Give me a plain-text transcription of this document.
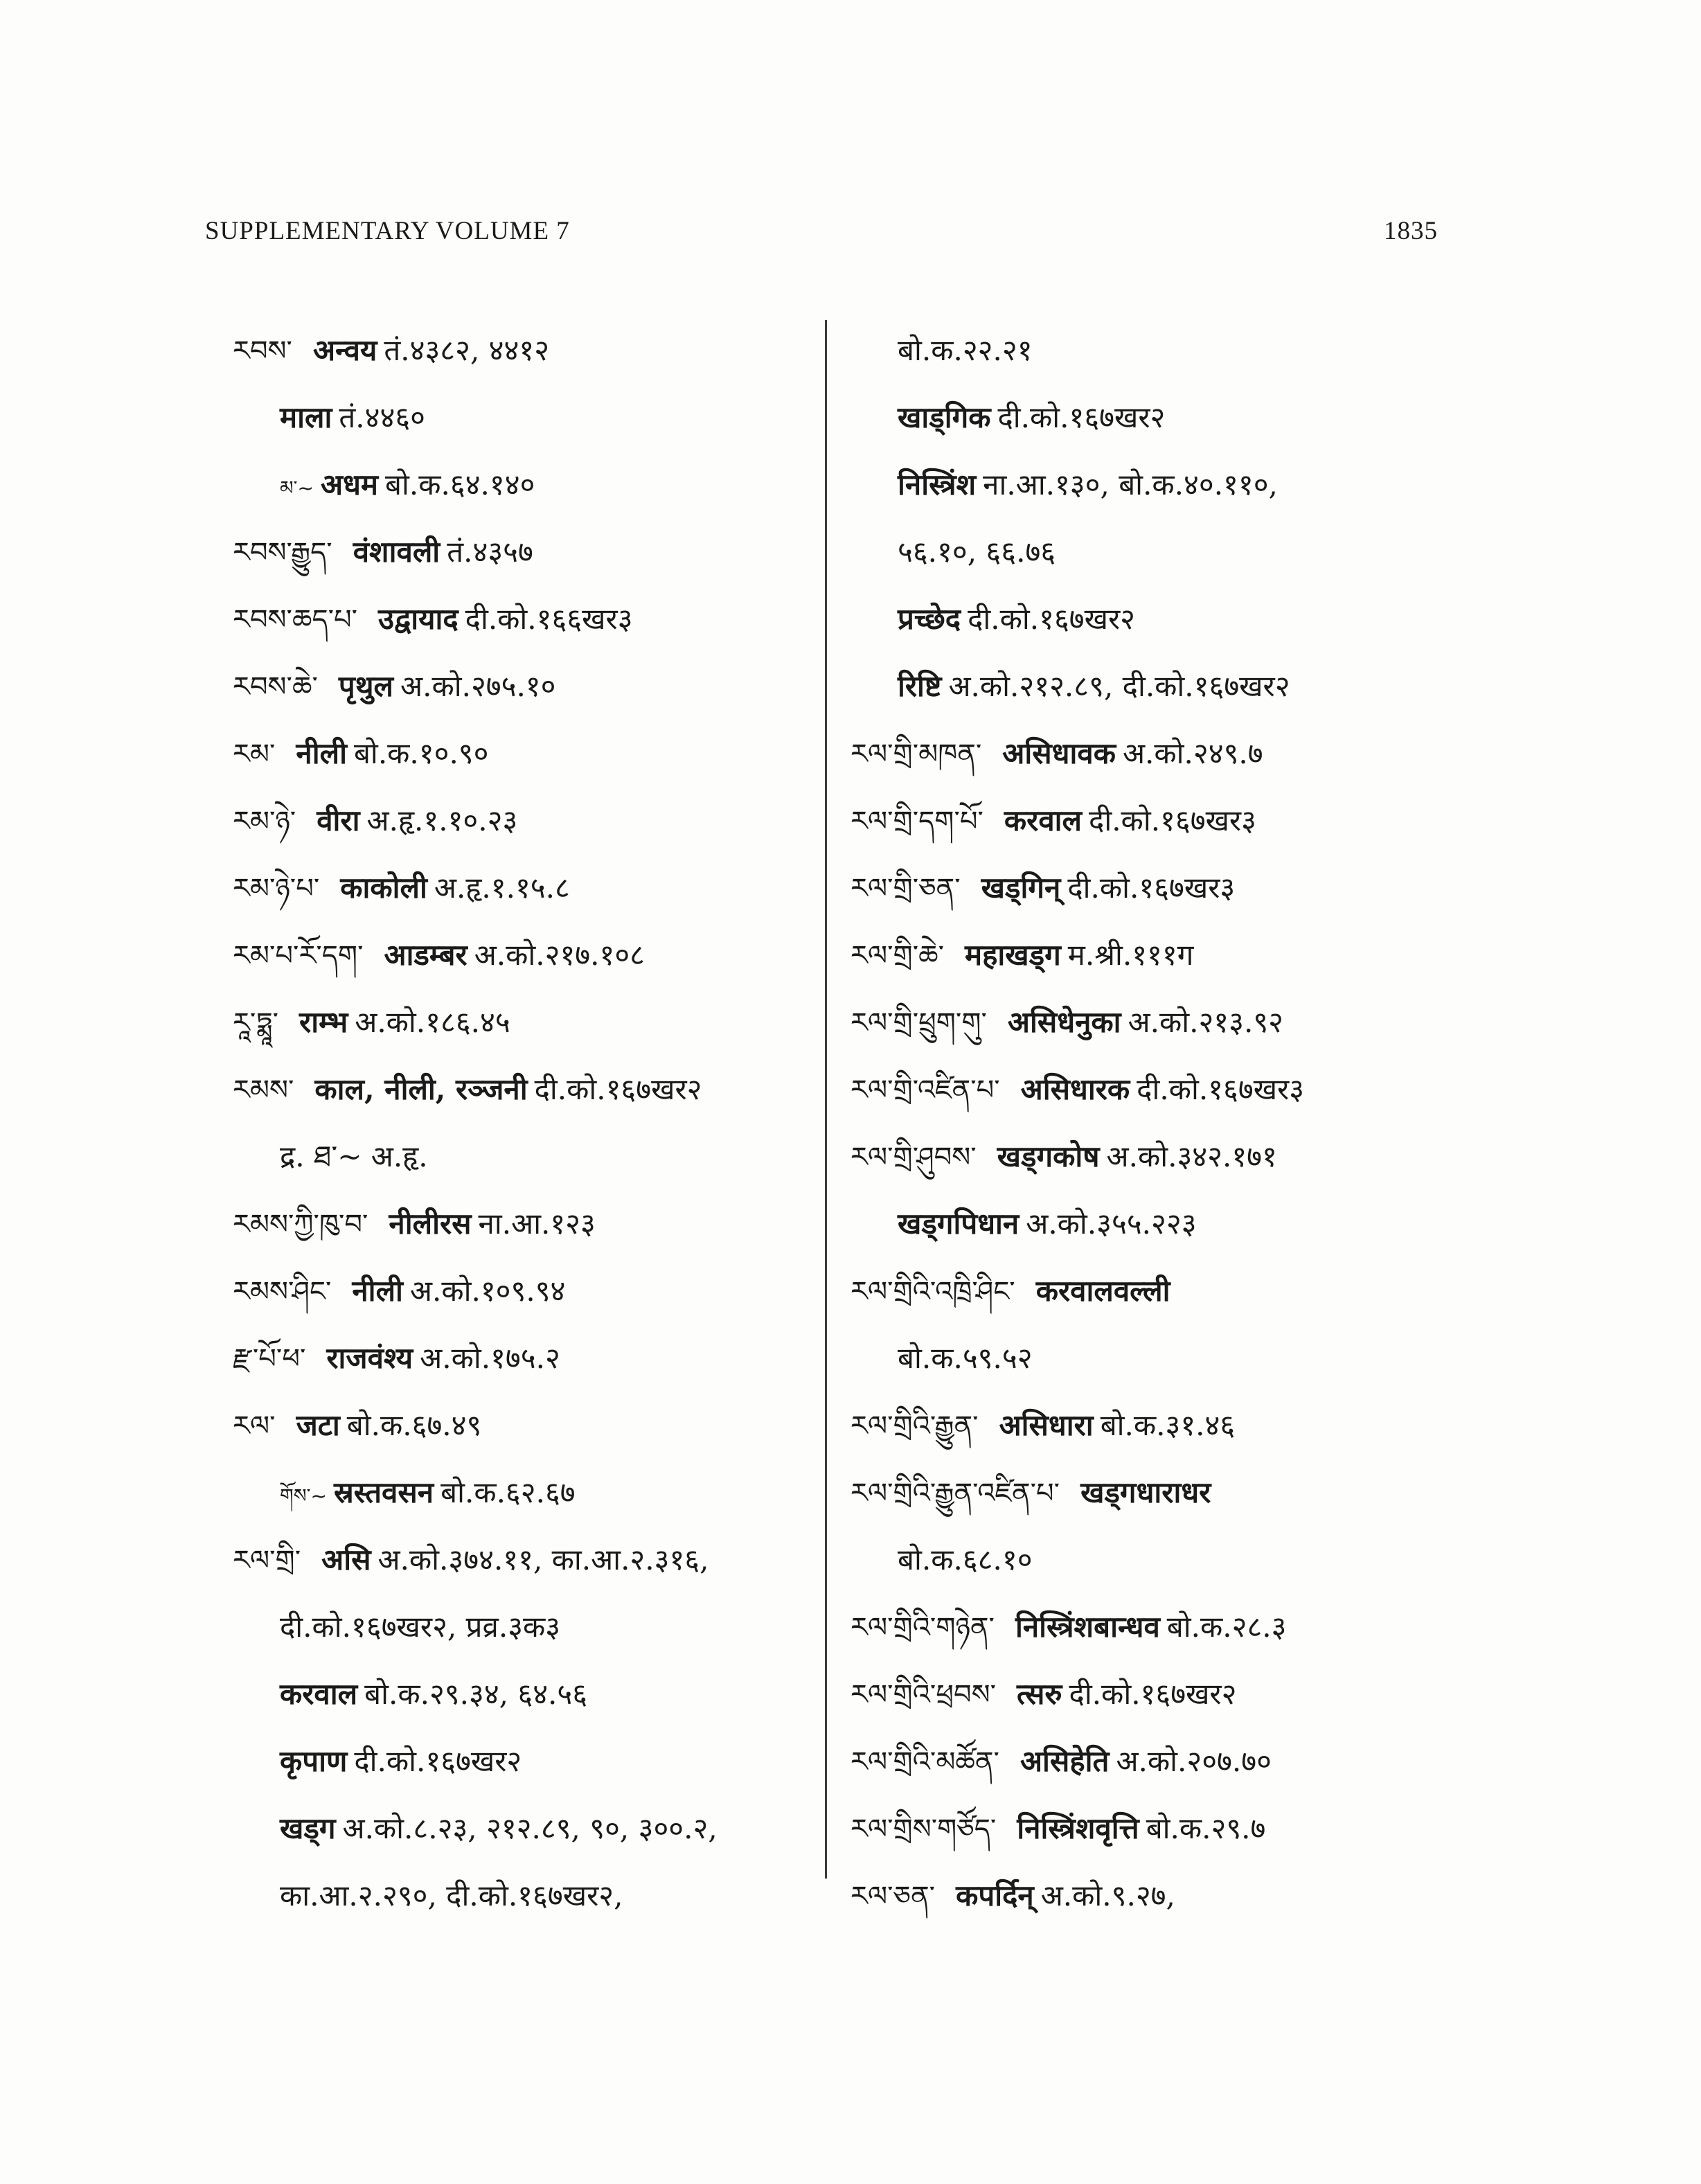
SUPPLEMENTARY VOLUME 7	1835
རབས་ अन्वय तं.४३८२, ४४१२
माला तं.४४६०
མ་~ अधम बो.क.६४.१४०
རབས་རྒྱུད་ वंशावली तं.४३५७
རབས་ཆད་པ་ उद्वायाद दी.को.१६६खर३
རབས་ཆེ་ पृथुल अ.को.२७५.१०
རམ་ नीली बो.क.१०.९०
རམ་ཉེ་ वीरा अ.हृ.१.१०.२३
རམ་ཉེ་པ་ काकोली अ.हृ.१.१५.८
རམ་པ་རོ་དག་ आडम्बर अ.को.२१७.१०८
རཱ་ཏྨཱ་ राम्भ अ.को.१८६.४५
རམས་ काल, नीली, रञ्जनी दी.को.१६७खर२
द्र. ཐ་~ अ.हृ.
རམས་ཀྱི་ཁུ་བ་ नीलीरस ना.आ.१२३
རམས་ཤིང་ नीली अ.को.१०९.९४
རྫ་པོ་ཕ་ राजवंश्य अ.को.१७५.२
རལ་ जटा बो.क.६७.४९
གོས་~ स्रस्तवसन बो.क.६२.६७
རལ་གྲི་ असि अ.को.३७४.११, का.आ.२.३१६,
दी.को.१६७खर२, प्रव्र.३क३
करवाल बो.क.२९.३४, ६४.५६
कृपाण दी.को.१६७खर२
खड्ग अ.को.८.२३, २१२.८९, ९०, ३००.२,
का.आ.२.२९०, दी.को.१६७खर२,
बो.क.२२.२१
खाड्गिक दी.को.१६७खर२
निस्त्रिंश ना.आ.१३०, बो.क.४०.११०,
५६.१०, ६६.७६
प्रच्छेद दी.को.१६७खर२
रिष्टि अ.को.२१२.८९, दी.को.१६७खर२
རལ་གྲི་མཁན་ असिधावक अ.को.२४९.७
རལ་གྲི་དག་པོ་ करवाल दी.को.१६७खर३
རལ་གྲི་ཅན་ खड्गिन् दी.को.१६७खर३
རལ་གྲི་ཆེ་ महाखड्ग म.श्री.१११ग
རལ་གྲི་ཕྲུག་གུ་ असिधेनुका अ.को.२१३.९२
རལ་གྲི་འཛིན་པ་ असिधारक दी.को.१६७खर३
རལ་གྲི་ཤུབས་ खड्गकोष अ.को.३४२.१७१
खड्गपिधान अ.को.३५५.२२३
རལ་གྲིའི་འཁྲི་ཤིང་ करवालवल्ली
बो.क.५९.५२
རལ་གྲིའི་རྒྱུན་ असिधारा बो.क.३१.४६
རལ་གྲིའི་རྒྱུན་འཛིན་པ་ खड्गधाराधर
बो.क.६८.१०
རལ་གྲིའི་གཉེན་ निस्त्रिंशबान्धव बो.क.२८.३
རལ་གྲིའི་ཕྲབས་ त्सरु दी.को.१६७खर२
རལ་གྲིའི་མཚོན་ असिहेति अ.को.२०७.७०
རལ་གྲིས་གཙོད་ निस्त्रिंशवृत्ति बो.क.२९.७
རལ་ཅན་ कपर्दिन् अ.को.९.२७,
